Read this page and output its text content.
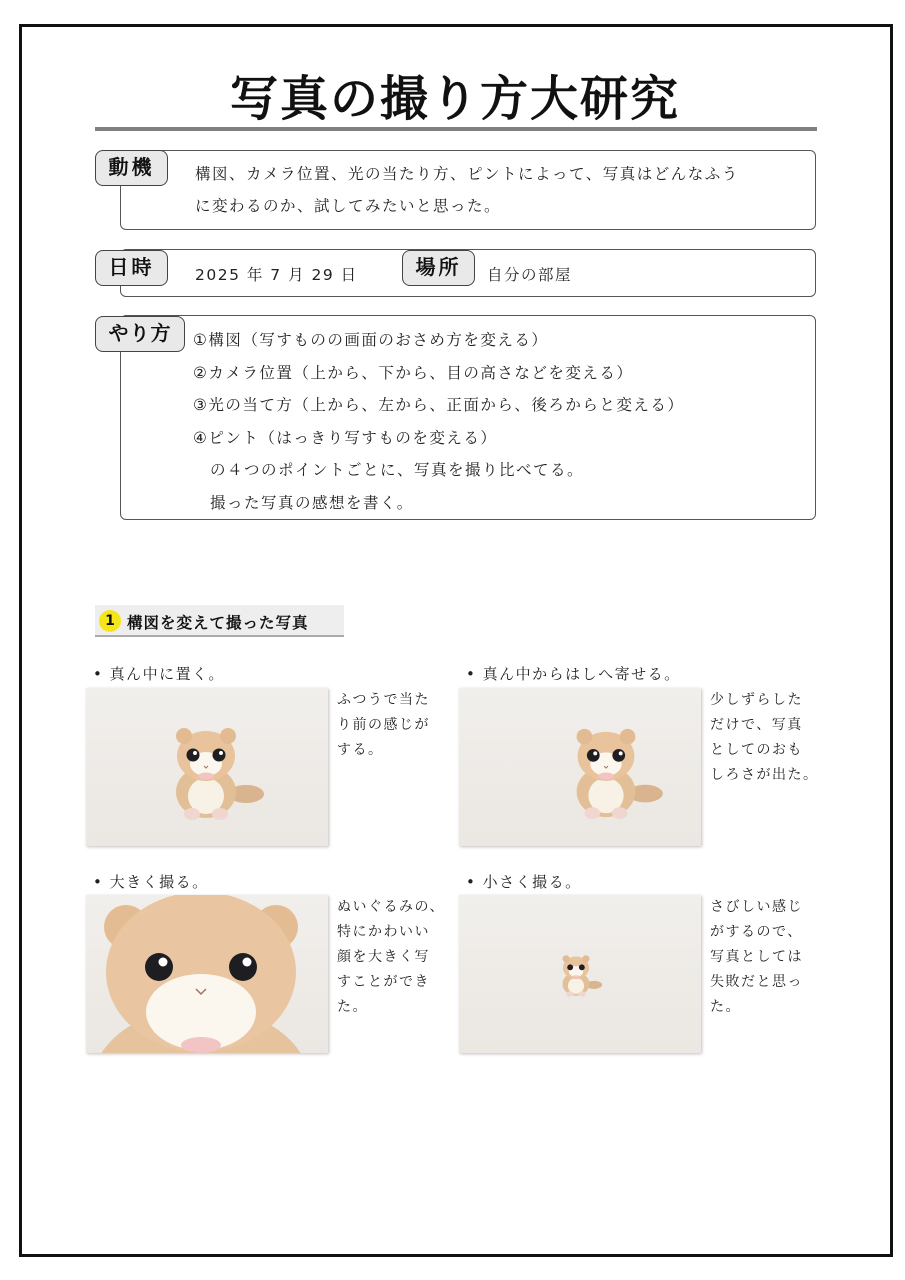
写真の撮り方大研究
動機	構図、カメラ位置、光の当たり方、ピントによって、写真はどんなふう
に変わるのか、試してみたいと思った。
日時	2025 年 7 月 29 日	場所	自分の部屋
やり方	①構図（写すものの画面のおさめ方を変える）
②カメラ位置（上から、下から、目の高さなどを変える）
③光の当て方（上から、左から、正面から、後ろからと変える）
④ピント（はっきり写すものを変える）
　の４つのポイントごとに、写真を撮り比べてる。
　撮った写真の感想を書く。
1 構図を変えて撮った写真
• 真ん中に置く。
ふつうで当た
り前の感じが
する。
• 真ん中からはしへ寄せる。
少しずらした
だけで、写真
としてのおも
しろさが出た。
• 大きく撮る。
ぬいぐるみの、
特にかわいい
顔を大きく写
すことができ
た。
• 小さく撮る。
さびしい感じ
がするので、
写真としては
失敗だと思っ
た。
